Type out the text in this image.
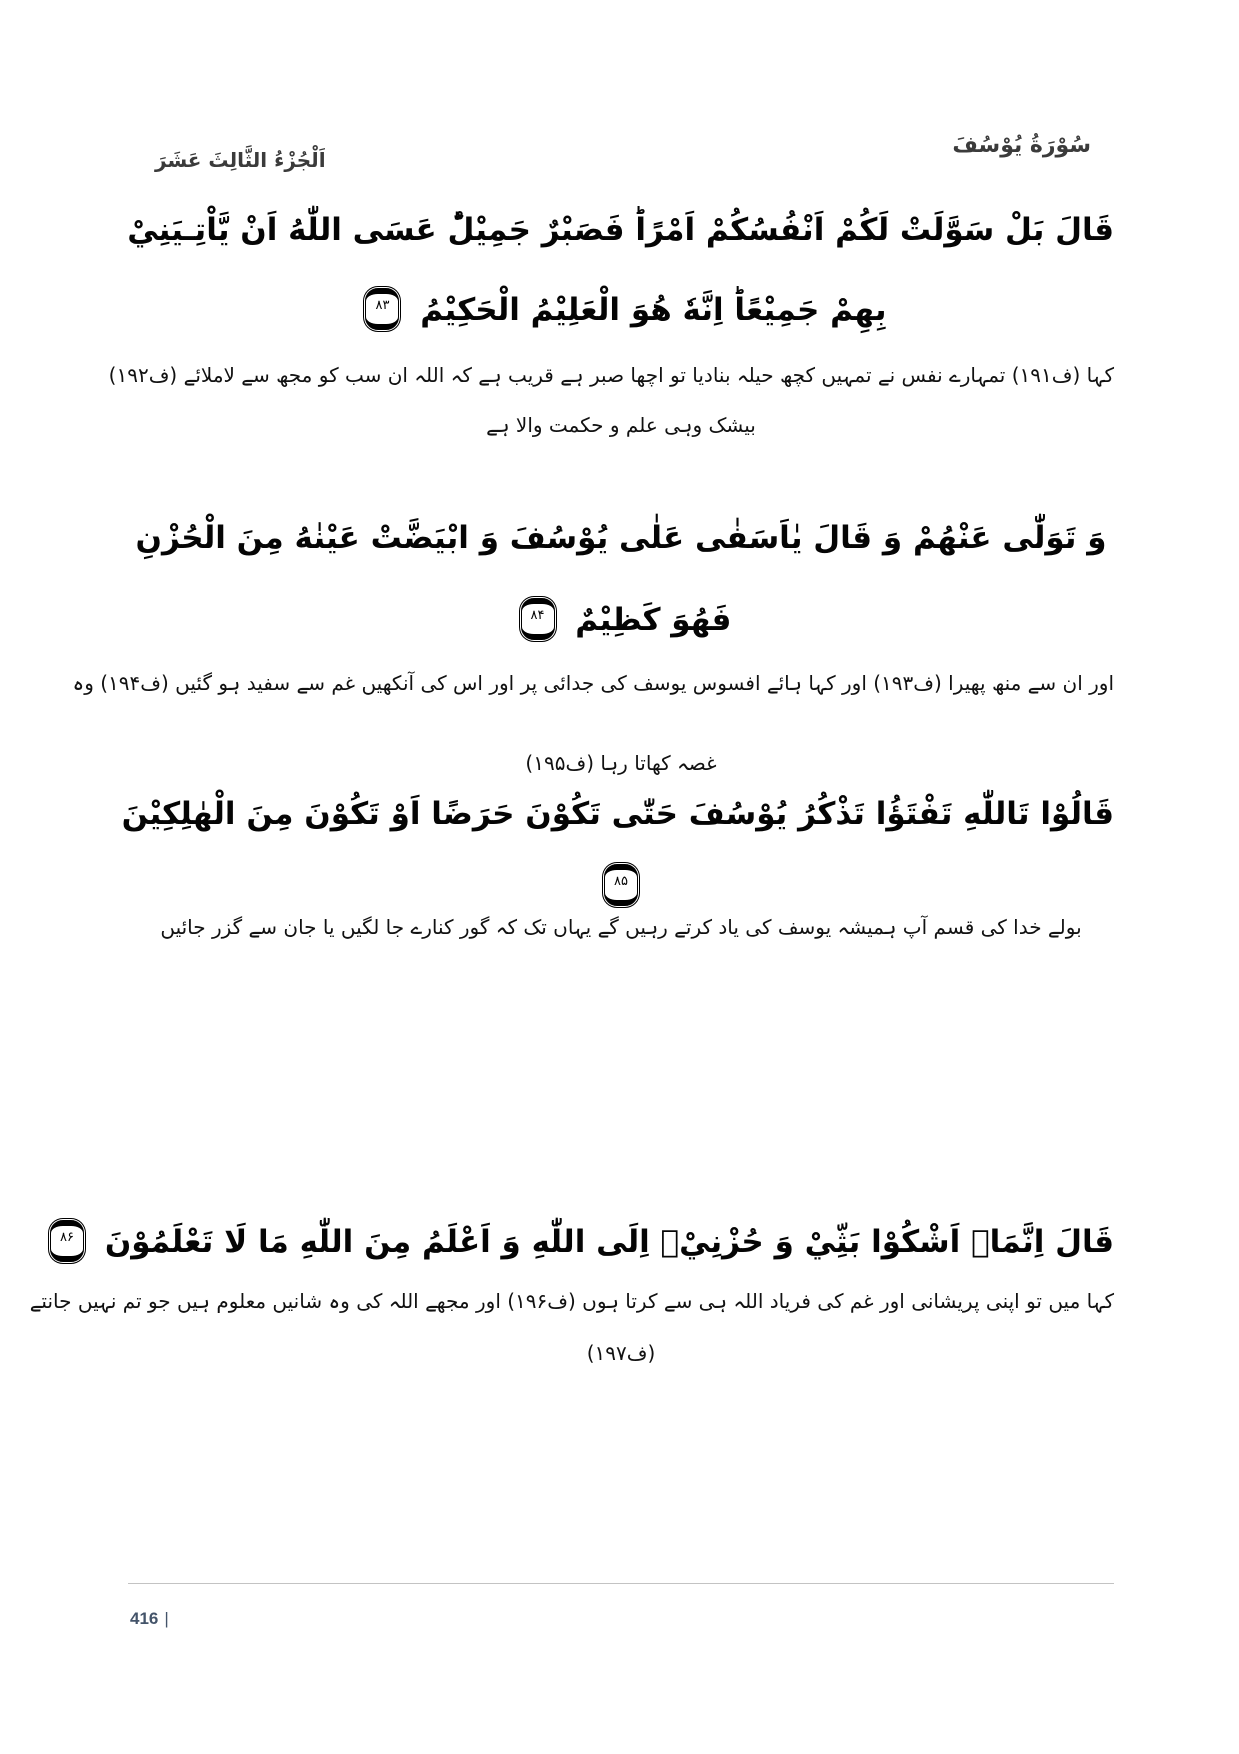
اَلْجُزْءُ الثَّالِثَ عَشَرَ

سُوْرَةُ يُوْسُفَ

قَالَ بَلْ سَوَّلَتْ لَكُمْ اَنْفُسُكُمْ اَمْرًاؕ فَصَبْرٌ جَمِيْلٌؕ عَسَى اللّٰهُ اَنْ يَّاْتِـيَنِيْ

بِهِمْ جَمِيْعًاؕ اِنَّهٗ هُوَ الْعَلِيْمُ الْحَكِيْمُ ۸۳

کہا (ف۱۹۱) تمہارے نفس نے تمہیں کچھ حیلہ بنادیا تو اچھا صبر ہے قریب ہے کہ اللہ ان سب کو مجھ سے لاملائے (ف۱۹۲)

بیشک وہی علم و حکمت والا ہے

وَ تَوَلّٰى عَنْهُمْ وَ قَالَ يٰاَسَفٰى عَلٰى يُوْسُفَ وَ ابْيَضَّتْ عَيْنٰهُ مِنَ الْحُزْنِ

فَهُوَ كَظِيْمٌ ۸۴

اور ان سے منھ پھیرا (ف۱۹۳) اور کہا ہائے افسوس یوسف کی جدائی پر اور اس کی آنکھیں غم سے سفید ہو گئیں (ف۱۹۴) وہ

غصہ کھاتا رہا (ف۱۹۵)

قَالُوْا تَاللّٰهِ تَفْتَؤُا تَذْكُرُ يُوْسُفَ حَتّٰى تَكُوْنَ حَرَضًا اَوْ تَكُوْنَ مِنَ الْهٰلِكِيْنَ

۸۵

بولے خدا کی قسم آپ ہمیشہ یوسف کی یاد کرتے رہیں گے یہاں تک کہ گور کنارے جا لگیں یا جان سے گزر جائیں

قَالَ اِنَّمَاۤ اَشْكُوْا بَثِّيْ وَ حُزْنِيْۤ اِلَى اللّٰهِ وَ اَعْلَمُ مِنَ اللّٰهِ مَا لَا تَعْلَمُوْنَ ۸۶

کہا میں تو اپنی پریشانی اور غم کی فریاد اللہ ہی سے کرتا ہوں (ف۱۹۶) اور مجھے اللہ کی وہ شانیں معلوم ہیں جو تم نہیں جانتے

(ف۱۹۷)

416 |
